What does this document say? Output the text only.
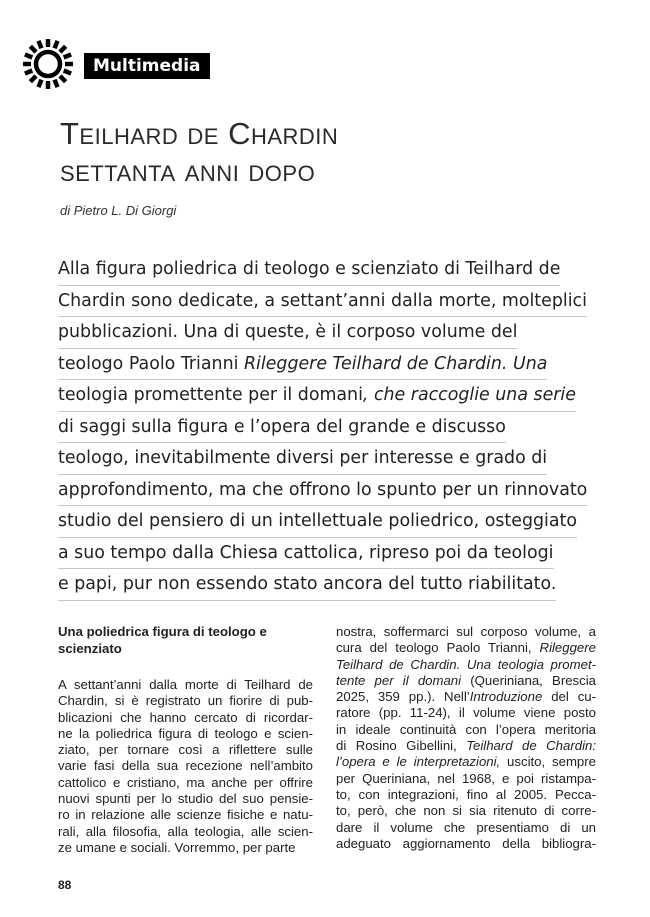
Multimedia
Teilhard de Chardin
settanta anni dopo
di Pietro L. Di Giorgi
Alla figura poliedrica di teologo e scienziato di Teilhard de
Chardin sono dedicate, a settant’anni dalla morte, molteplici
pubblicazioni. Una di queste, è il corposo volume del
teologo Paolo Trianni Rileggere Teilhard de Chardin. Una
teologia promettente per il domani, che raccoglie una serie
di saggi sulla figura e l’opera del grande e discusso
teologo, inevitabilmente diversi per interesse e grado di
approfondimento, ma che offrono lo spunto per un rinnovato
studio del pensiero di un intellettuale poliedrico, osteggiato
a suo tempo dalla Chiesa cattolica, ripreso poi da teologi
e papi, pur non essendo stato ancora del tutto riabilitato.
Una poliedrica figura di teologo e
scienziato
A settant’anni dalla morte di Teilhard de
Chardin, si è registrato un fiorire di pub-
blicazioni che hanno cercato di ricordar-
ne la poliedrica figura di teologo e scien-
ziato, per tornare così a riflettere sulle
varie fasi della sua recezione nell’ambito
cattolico e cristiano, ma anche per offrire
nuovi spunti per lo studio del suo pensie-
ro in relazione alle scienze fisiche e natu-
rali, alla filosofia, alla teologia, alle scien-
ze umane e sociali. Vorremmo, per parte
nostra, soffermarci sul corposo volume, a
cura del teologo Paolo Trianni, Rileggere
Teilhard de Chardin. Una teologia promet-
tente per il domani (Queriniana, Brescia
2025, 359 pp.). Nell’Introduzione del cu-
ratore (pp. 11-24), il volume viene posto
in ideale continuità con l’opera meritoria
di Rosino Gibellini, Teilhard de Chardin:
l’opera e le interpretazioni, uscito, sempre
per Queriniana, nel 1968, e poi ristampa-
to, con integrazioni, fino al 2005. Pecca-
to, però, che non si sia ritenuto di corre-
dare il volume che presentiamo di un
adeguato aggiornamento della bibliogra-
88
